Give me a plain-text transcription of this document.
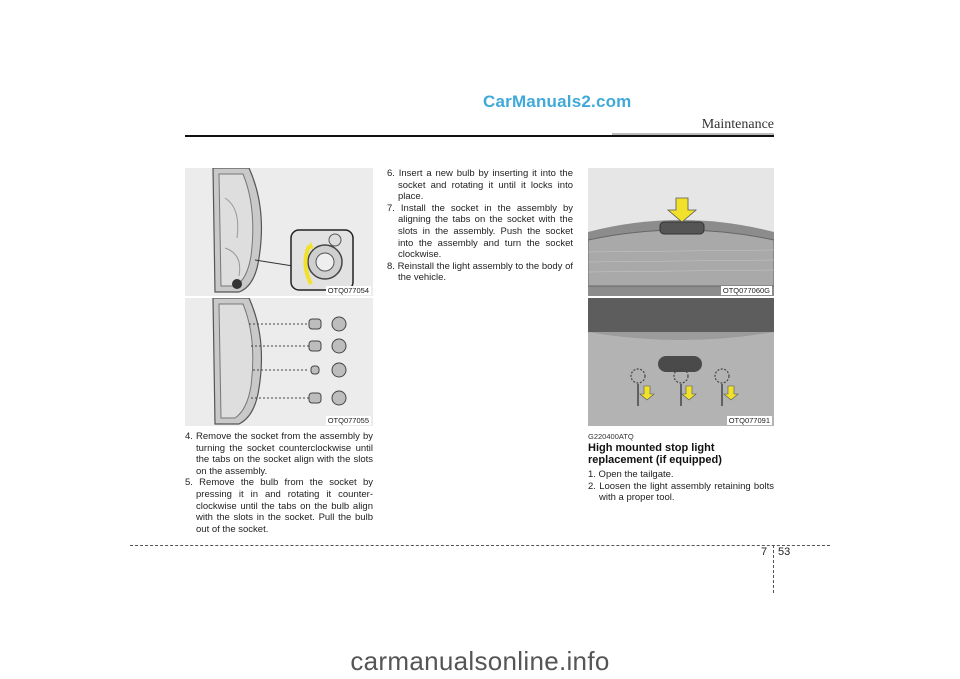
CarManuals2.com
Maintenance
OTQ077054
OTQ077055
4. Remove the socket from the assembly by turning the socket counterclockwise until the tabs on the socket align with the slots on the assembly.
5. Remove the bulb from the socket by pressing it in and rotating it counter-clockwise until the tabs on the bulb align with the slots in the socket. Pull the bulb out of the socket.
6. Insert a new bulb by inserting it into the socket and rotating it until it locks into place.
7. Install the socket in the assembly by aligning the tabs on the socket with the slots in the assembly. Push the socket into the assembly and turn the socket clockwise.
8. Reinstall the light assembly to the body of the vehicle.
OTQ077060G
OTQ077091
G220400ATQ
High mounted stop light replacement (if equipped)
1. Open the tailgate.
2. Loosen the light assembly retaining bolts with a proper tool.
7 53
carmanualsonline.info
